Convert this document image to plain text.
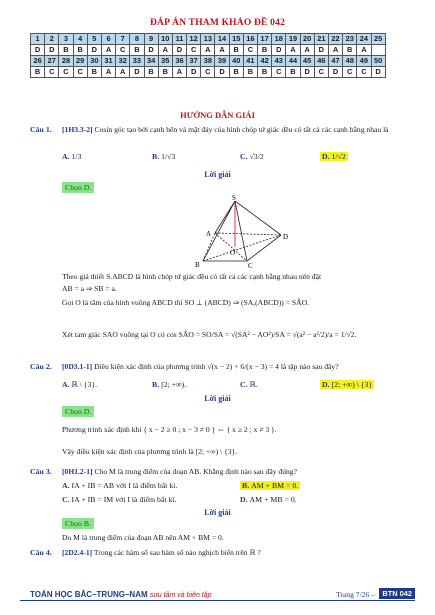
ĐÁP ÁN THAM KHẢO ĐỀ 042
1	2	3	4	5	6	7	8	9	10	11	12	13	14	15	16	17	18	19	20	21	22	23	24	25
D	D	B	B	D	A	C	B	D	A	D	C	A	A	B	C	B	D	A	A	D	A	B	A	
26	27	28	29	30	31	32	33	34	35	36	37	38	39	40	41	42	43	44	45	46	47	48	49	50
B	C	C	C	B	A	A	D	B	B	A	D	C	D	B	B	B	C	B	D	C	D	C	C	D
HƯỚNG DẪN GIẢI
Câu 1. [1H3.3-2] Cosin góc tạo bởi cạnh bên và mặt đáy của hình chóp tứ giác đều có tất cả các cạnh bằng nhau là
A. 1/3	B. 1/√3	C. √3/2	D. 1/√2
Lời giải
Chọn D.
S
A
B	C
D
O
Theo giả thiết S.ABCD là hình chóp tứ giác đều có tất cả các cạnh bằng nhau nên đặt
AB = a ⇒ SB = a.
Gọi O là tâm của hình vuông ABCD thì SO ⊥ (ABCD) ⇒ (SA,(ABCD)) = SÂO.
Xét tam giác SAO vuông tại O có cos SÂO = SO/SA = √(SA² − AO²)/SA = √(a² − a²/2)/a = 1/√2.
Câu 2. [0D3.1-1] Điều kiện xác định của phương trình √(x − 2) + 6/(x − 3) = 4 là tập nào sau đây?
A. ℝ \ {3}.	B. [2; +∞).	C. ℝ.	D. [2; +∞) \ {3}
Lời giải
Chọn D.
Phương trình xác định khi { x − 2 ≥ 0 ; x − 3 ≠ 0 } ⇔ { x ≥ 2 ; x ≠ 3 }.
Vậy điều kiện xác định của phương trình là [2; +∞) \ {3}.
Câu 3. [0H1.2-1] Cho M là trung điểm của đoạn AB. Khẳng định nào sau đây đúng?
A. IA + IB = AB với I là điểm bất kì.	B. AM + BM = 0.
C. IA + IB = IM với I là điểm bất kì.	D. AM + MB = 0.
Lời giải
Chọn B.
Do M là trung điểm của đoạn AB nên AM + BM = 0.
Câu 4. [2D2.4-1] Trong các hàm số sau hàm số nào nghịch biến trên ℝ ?
TOÁN HỌC BẮC–TRUNG–NAM sưu tầm và biên tập	Trang 7/26 –	BTN 042
